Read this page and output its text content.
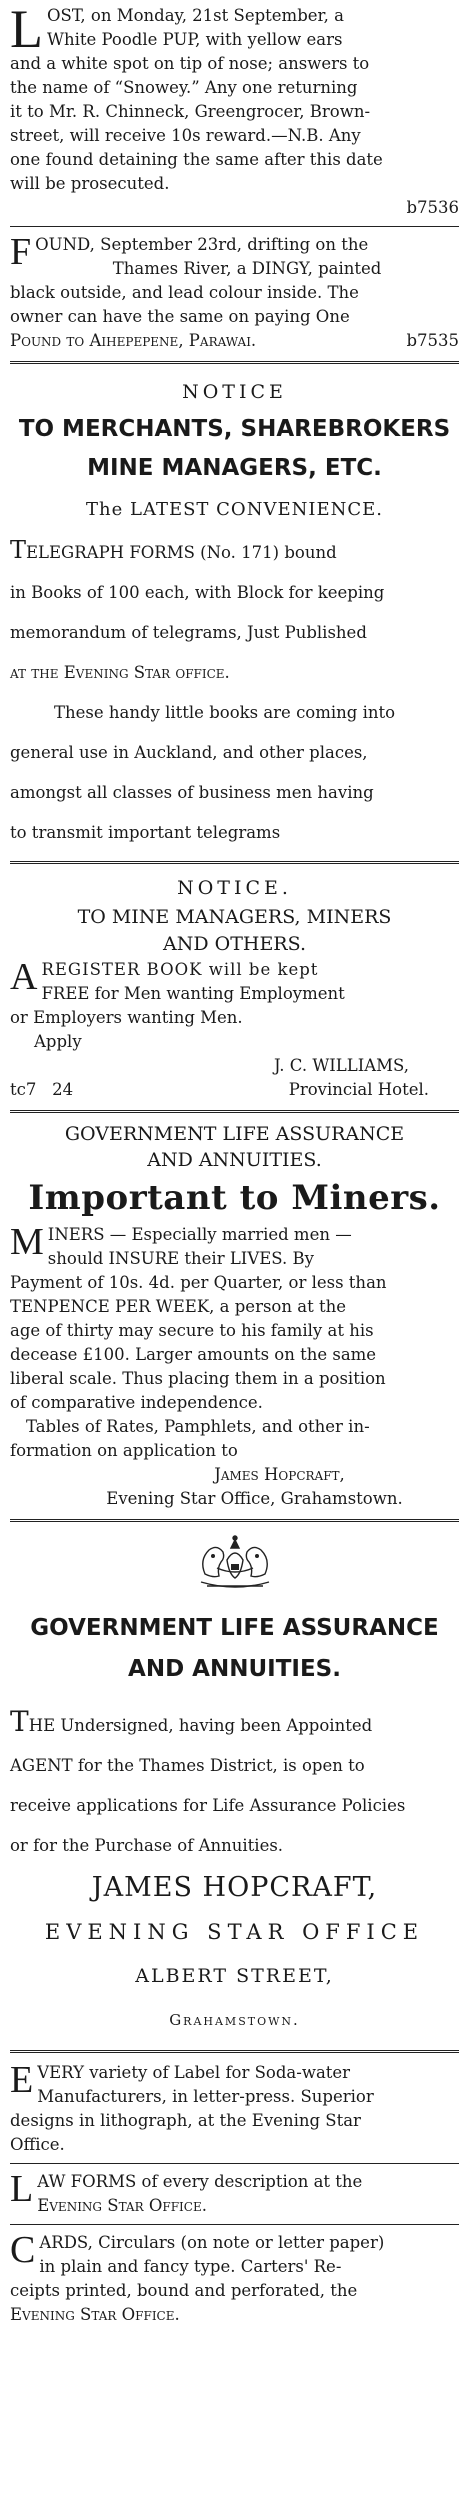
L OST, on Monday, 21st September, a
White Poodle PUP, with yellow ears
and a white spot on tip of nose; answers to
the name of “Snowey.” Any one returning
it to Mr. R. Chinneck, Greengrocer, Brown-
street, will receive 10s reward.—N.B. Any
one found detaining the same after this date
will be prosecuted.
b7536
F OUND, September 23rd, drifting on the
Thames River, a DINGY, painted
black outside, and lead colour inside. The
owner can have the same on paying One
Pound to Aihepepene, Parawai.	b7535
NOTICE
TO MERCHANTS, SHAREBROKERS
MINE MANAGERS, ETC.
The LATEST CONVENIENCE.
TELEGRAPH FORMS (No. 171) bound
in Books of 100 each, with Block for keeping
memorandum of telegrams, Just Published
at the Evening Star office.
These handy little books are coming into
general use in Auckland, and other places,
amongst all classes of business men having
to transmit important telegrams
NOTICE.
TO MINE MANAGERS, MINERS
AND OTHERS.
A REGISTER BOOK will be kept
FREE for Men wanting Employment
or Employers wanting Men.
Apply
J. C. WILLIAMS,
tc7 24	Provincial Hotel.
GOVERNMENT LIFE ASSURANCE
AND ANNUITIES.
Important to Miners.
M INERS — Especially married men —
should INSURE their LIVES. By
Payment of 10s. 4d. per Quarter, or less than
TENPENCE PER WEEK, a person at the
age of thirty may secure to his family at his
decease £100. Larger amounts on the same
liberal scale. Thus placing them in a position
of comparative independence.
Tables of Rates, Pamphlets, and other in-
formation on application to
James Hopcraft,
Evening Star Office, Grahamstown.
GOVERNMENT LIFE ASSURANCE
AND ANNUITIES.
THE Undersigned, having been Appointed
AGENT for the Thames District, is open to
receive applications for Life Assurance Policies
or for the Purchase of Annuities.
JAMES HOPCRAFT,
EVENING STAR OFFICE
ALBERT STREET,
Grahamstown.
E VERY variety of Label for Soda-water
Manufacturers, in letter-press. Superior
designs in lithograph, at the Evening Star
Office.
L AW FORMS of every description at the
Evening Star Office.
C ARDS, Circulars (on note or letter paper)
in plain and fancy type. Carters' Re-
ceipts printed, bound and perforated, the
Evening Star Office.
